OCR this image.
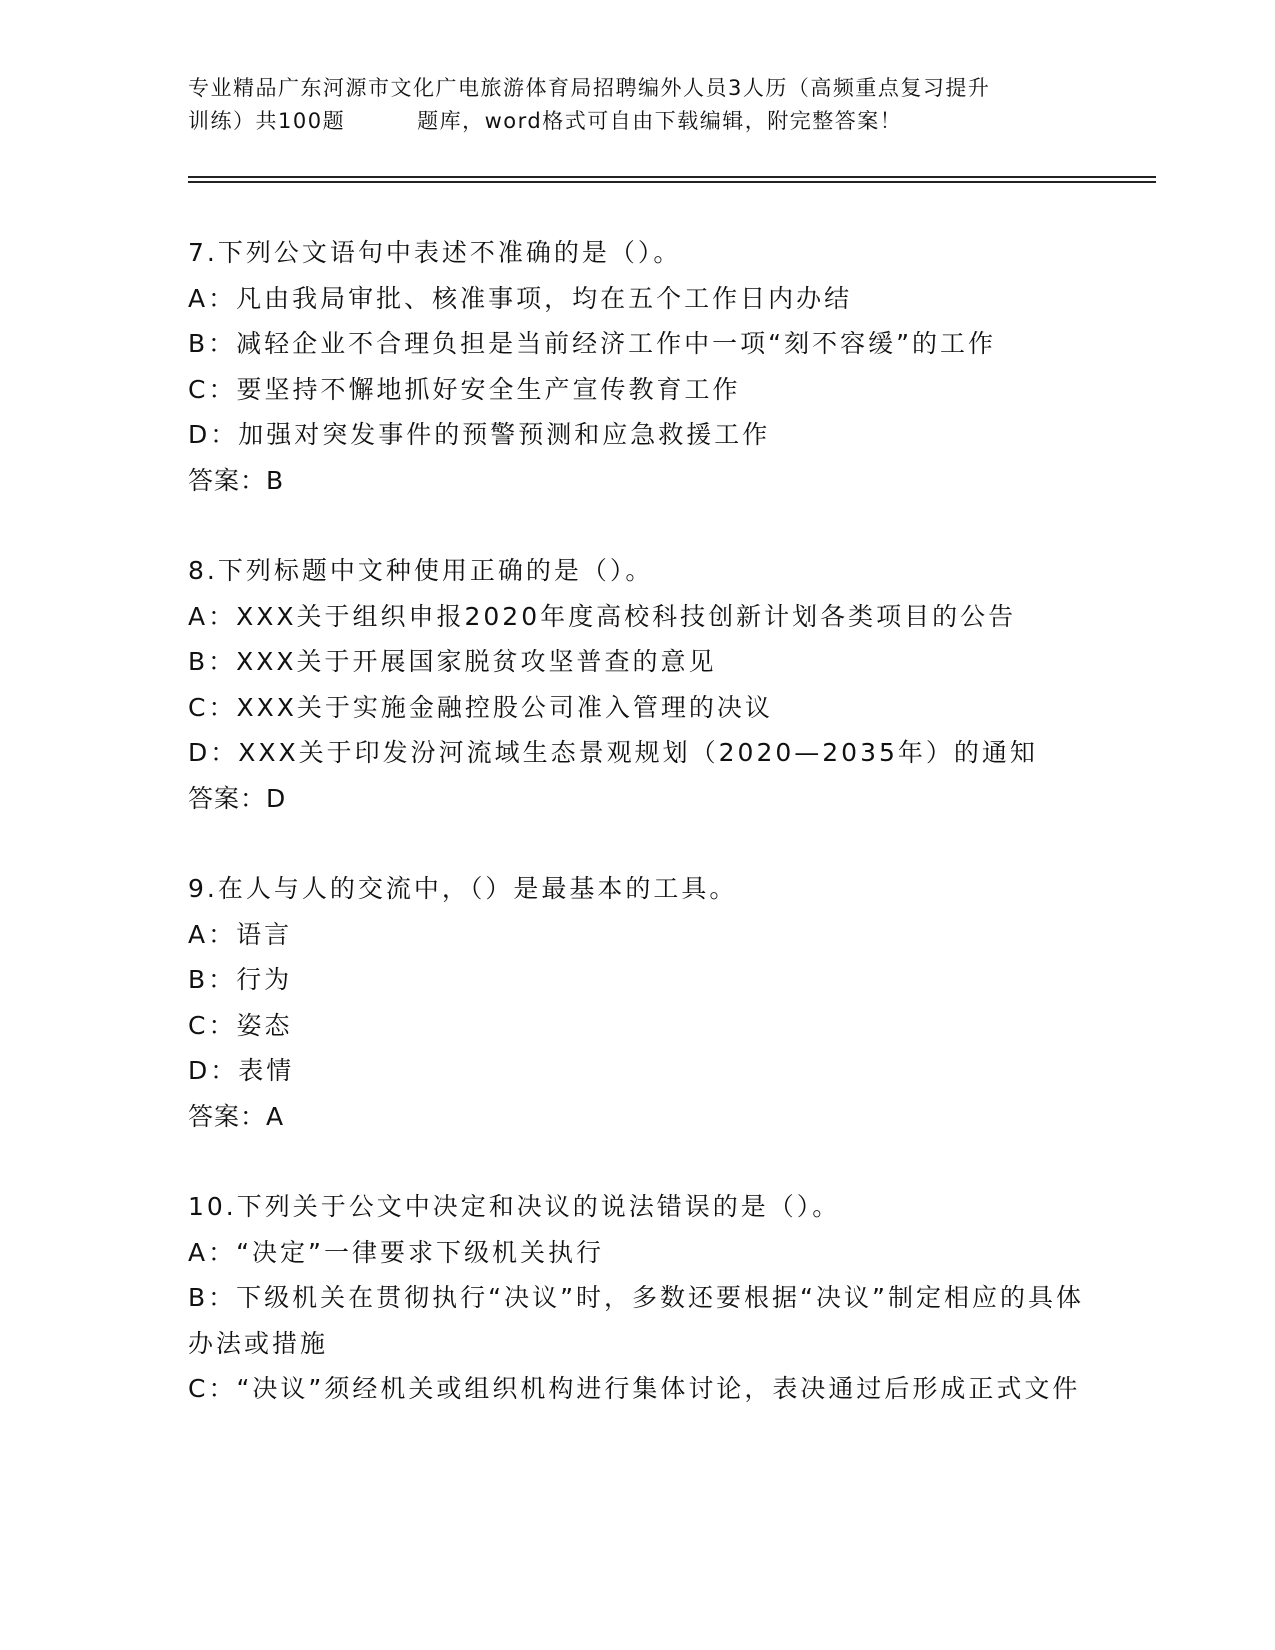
专业精品广东河源市文化广电旅游体育局招聘编外人员3人历（高频重点复习提升
训练）共100题	题库，word格式可自由下载编辑，附完整答案！

7.下列公文语句中表述不准确的是（）。

A：凡由我局审批、核准事项，均在五个工作日内办结

B：减轻企业不合理负担是当前经济工作中一项“刻不容缓”的工作

C：要坚持不懈地抓好安全生产宣传教育工作

D：加强对突发事件的预警预测和应急救援工作

答案：B

8.下列标题中文种使用正确的是（）。

A：XXX关于组织申报2020年度高校科技创新计划各类项目的公告

B：XXX关于开展国家脱贫攻坚普查的意见

C：XXX关于实施金融控股公司准入管理的决议

D：XXX关于印发汾河流域生态景观规划（2020—2035年）的通知

答案：D

9.在人与人的交流中，（）是最基本的工具。

A：语言

B：行为

C：姿态

D：表情

答案：A

10.下列关于公文中决定和决议的说法错误的是（）。

A：“决定”一律要求下级机关执行

B：下级机关在贯彻执行“决议”时，多数还要根据“决议”制定相应的具体办法或措施

C：“决议”须经机关或组织机构进行集体讨论，表决通过后形成正式文件
